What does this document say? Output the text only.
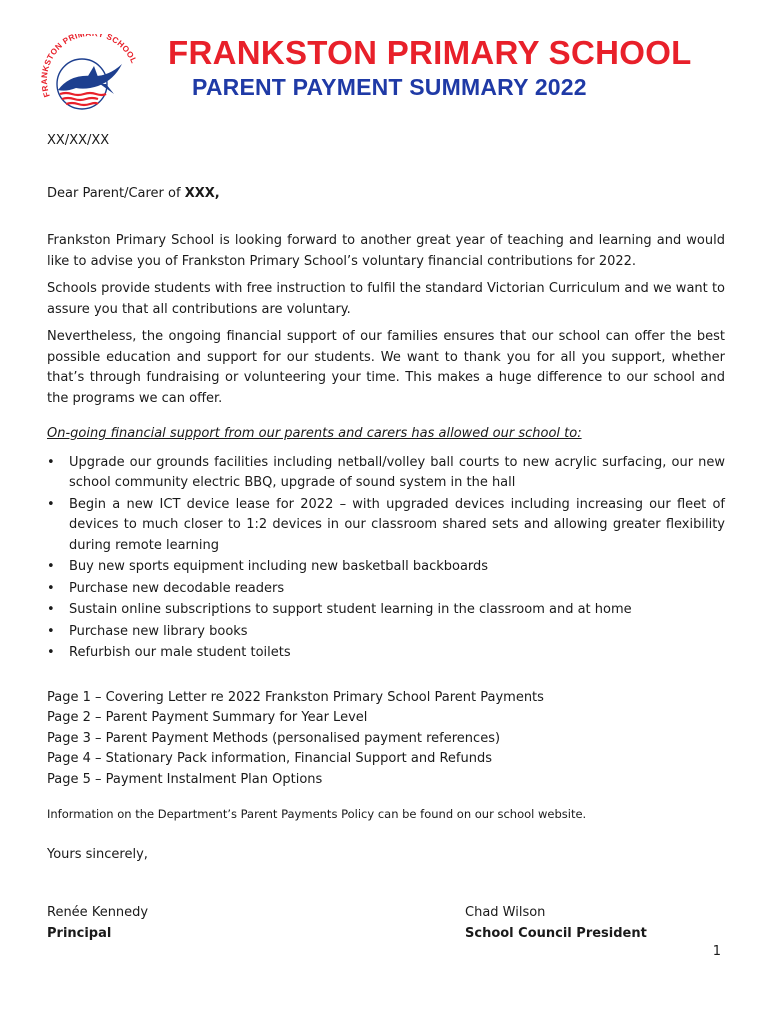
FRANKSTON PRIM Y SCHOOL FRANKSTON PRIMARY SCHOOL
PARENT PAYMENT SUMMARY 2022

XX/XX/XX

Dear Parent/Carer of XXX,

Frankston Primary School is looking forward to another great year of teaching and learning and would like to advise you of Frankston Primary School’s voluntary financial contributions for 2022.

Schools provide students with free instruction to fulfil the standard Victorian Curriculum and we want to assure you that all contributions are voluntary.

Nevertheless, the ongoing financial support of our families ensures that our school can offer the best possible education and support for our students. We want to thank you for all you support, whether that’s through fundraising or volunteering your time. This makes a huge difference to our school and the programs we can offer.

On-going financial support from our parents and carers has allowed our school to:

• Upgrade our grounds facilities including netball/volley ball courts to new acrylic surfacing, our new school community electric BBQ, upgrade of sound system in the hall
• Begin a new ICT device lease for 2022 – with upgraded devices including increasing our fleet of devices to much closer to 1:2 devices in our classroom shared sets and allowing greater flexibility during remote learning
• Buy new sports equipment including new basketball backboards
• Purchase new decodable readers
• Sustain online subscriptions to support student learning in the classroom and at home
• Purchase new library books
• Refurbish our male student toilets

Page 1 – Covering Letter re 2022 Frankston Primary School Parent Payments

Page 2 – Parent Payment Summary for Year Level

Page 3 – Parent Payment Methods (personalised payment references)

Page 4 – Stationary Pack information, Financial Support and Refunds

Page 5 – Payment Instalment Plan Options

Information on the Department’s Parent Payments Policy can be found on our school website.

Yours sincerely,

Renée Kennedy

Principal

Chad Wilson

School Council President

1
